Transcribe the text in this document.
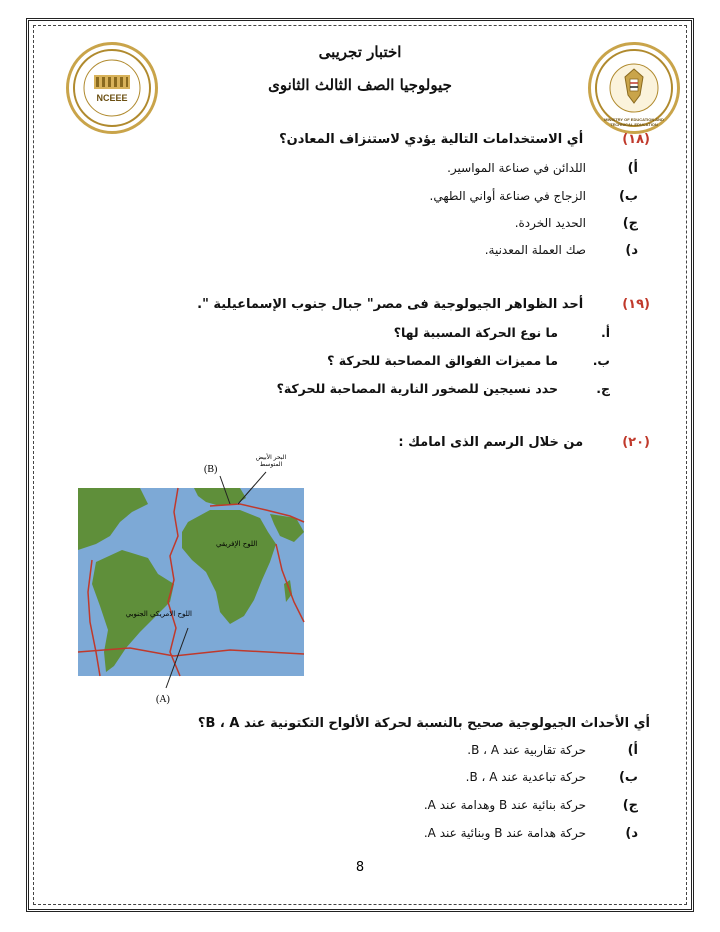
NCEEE
MINISTRY OF EDUCATION AND TECHNICAL EDUCATION
اختبار تجريبى
جيولوجيا الصف الثالث الثانوى
(١٨)  أي الاستخدامات التالية يؤدي لاستنزاف المعادن؟
أ)
اللدائن في صناعة المواسير.
ب)
الزجاج في صناعة أواني الطهي.
ج)
الحديد الخردة.
د)
صك العملة المعدنية.
(١٩)  أحد الظواهر الجيولوجية فى مصر" جبال جنوب الإسماعيلية ".
أ.
ما نوع الحركة المسببة لها؟
ب.
ما مميزات الفوالق المصاحبة للحركة ؟
ج.
حدد نسيجين للصخور النارية المصاحبة للحركة؟
(٢٠)  من خلال الرسم الذى امامك :
(B)
البحر الأبيض المتوسط
اللوح الإفريقي
اللوح الامريكي الجنوبي
(A)
أي الأحداث الجيولوجية صحيح بالنسبة لحركة الألواح التكتونية عند B ، A؟
أ)
حركة تقاربية عند B ، A.
ب)
حركة تباعدية عند B ، A.
ج)
حركة بنائية عند B وهدامة عند A.
د)
حركة هدامة عند B وبنائية عند A.
8
